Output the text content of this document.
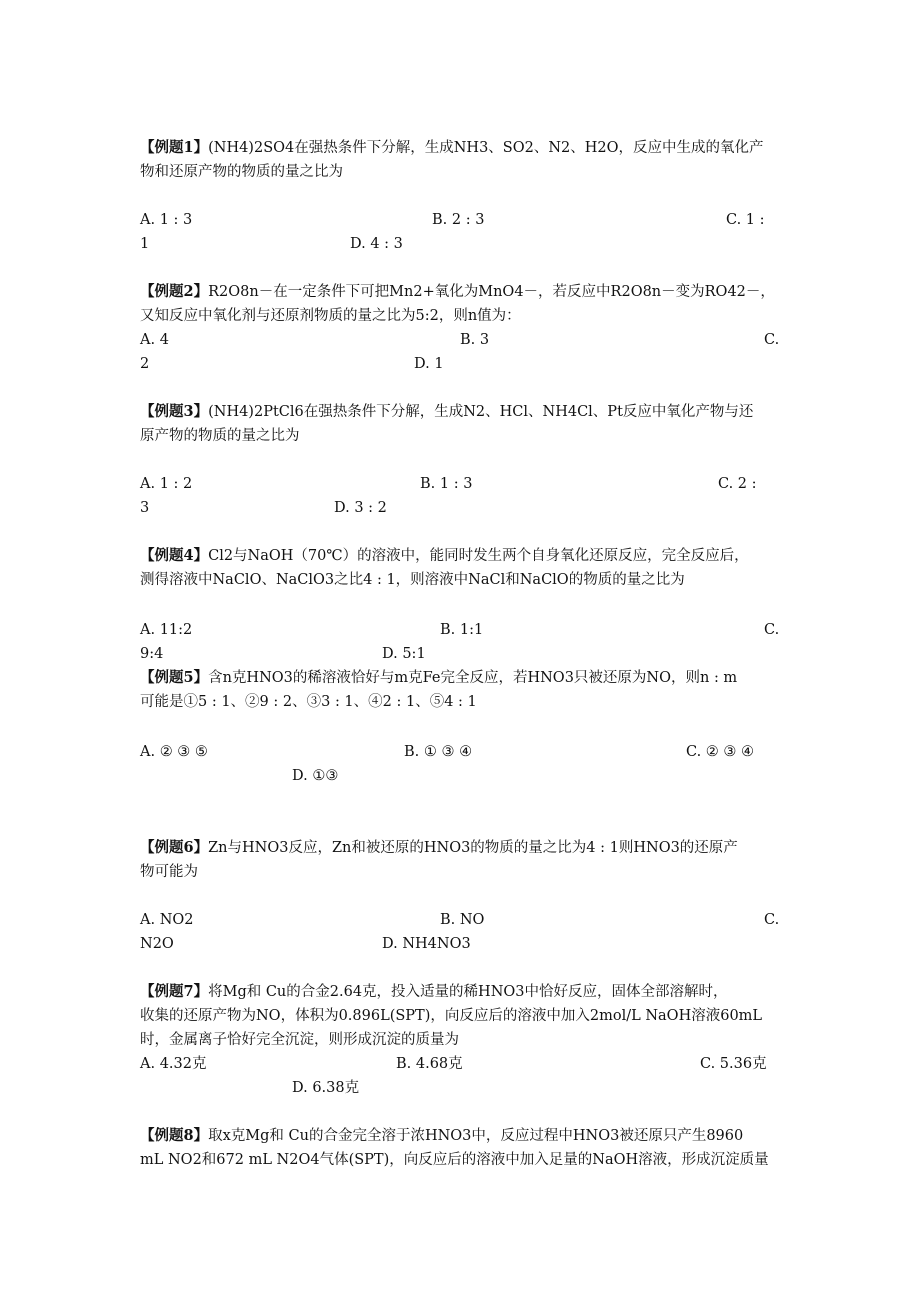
【例题1】(NH4)2SO4在强热条件下分解，生成NH3、SO2、N2、H2O，反应中生成的氧化产
物和还原产物的物质的量之比为
A. 1 : 3	B. 2 : 3	C. 1 :
1	D. 4 : 3
【例题2】R2O8n－在一定条件下可把Mn2+氧化为MnO4－，若反应中R2O8n－变为RO42－，
又知反应中氧化剂与还原剂物质的量之比为5:2，则n值为：
A. 4	B. 3	C.
2	D. 1
【例题3】(NH4)2PtCl6在强热条件下分解，生成N2、HCl、NH4Cl、Pt反应中氧化产物与还
原产物的物质的量之比为
A. 1 : 2	B. 1 : 3	C. 2 :
3	D. 3 : 2
【例题4】Cl2与NaOH（70℃）的溶液中，能同时发生两个自身氧化还原反应，完全反应后，
测得溶液中NaClO、NaClO3之比4 : 1，则溶液中NaCl和NaClO的物质的量之比为
A. 11:2	B. 1:1	C.
9:4	D. 5:1
【例题5】含n克HNO3的稀溶液恰好与m克Fe完全反应，若HNO3只被还原为NO，则n : m
可能是①5 : 1、②9 : 2、③3 : 1、④2 : 1、⑤4 : 1
A. ② ③ ⑤	B. ① ③ ④	C. ② ③ ④
D. ①③
【例题6】Zn与HNO3反应，Zn和被还原的HNO3的物质的量之比为4 : 1则HNO3的还原产
物可能为
A. NO2	B. NO	C.
N2O	D. NH4NO3
【例题7】将Mg和 Cu的合金2.64克，投入适量的稀HNO3中恰好反应，固体全部溶解时，
收集的还原产物为NO，体积为0.896L(SPT)，向反应后的溶液中加入2mol/L NaOH溶液60mL
时，金属离子恰好完全沉淀，则形成沉淀的质量为
A. 4.32克	B. 4.68克	C. 5.36克
D. 6.38克
【例题8】取x克Mg和 Cu的合金完全溶于浓HNO3中，反应过程中HNO3被还原只产生8960
mL NO2和672 mL N2O4气体(SPT)，向反应后的溶液中加入足量的NaOH溶液，形成沉淀质量
